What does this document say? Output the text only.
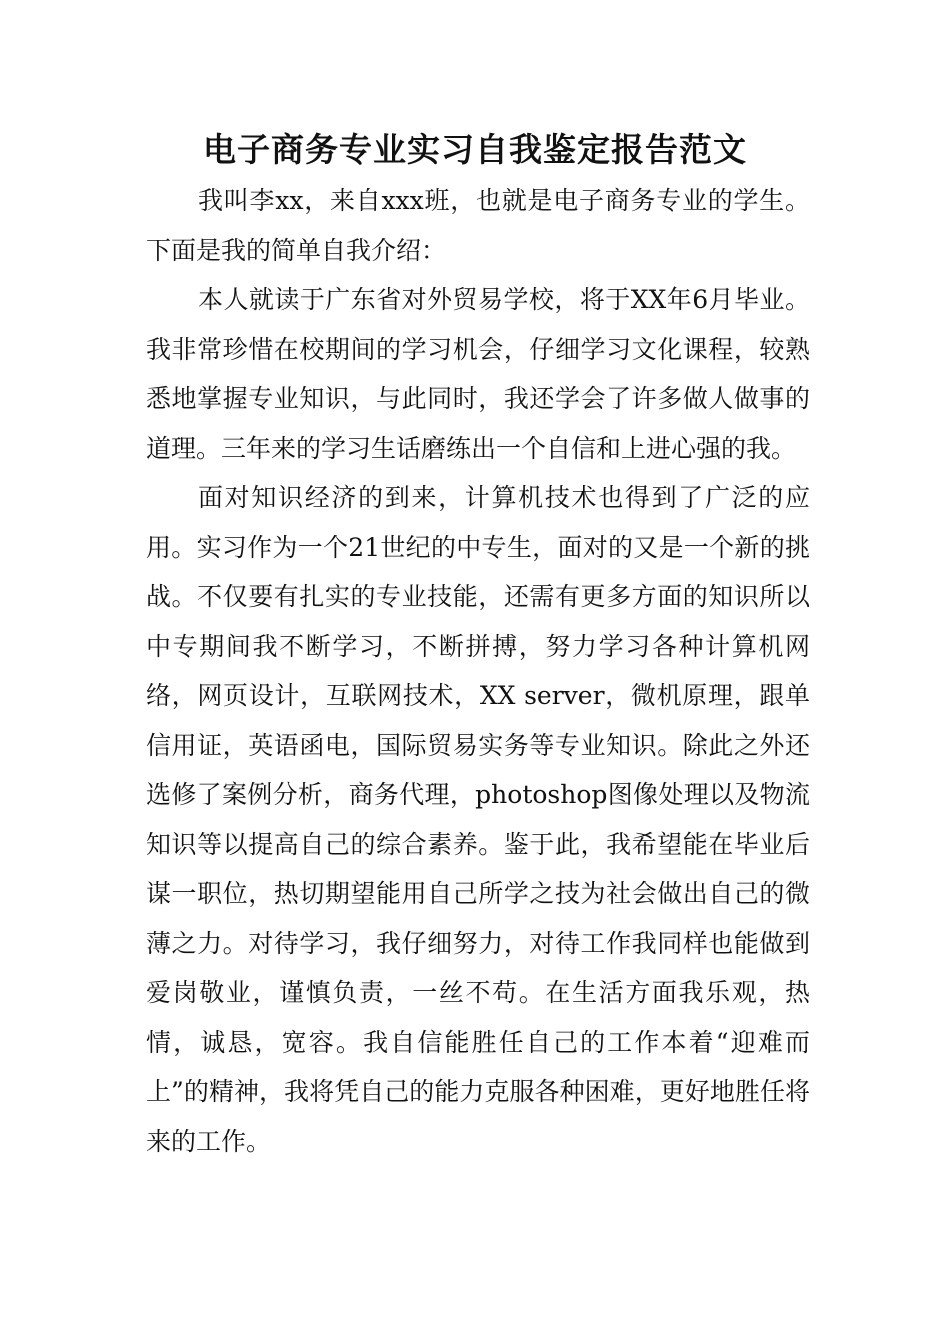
电子商务专业实习自我鉴定报告范文

我叫李xx，来自xxx班，也就是电子商务专业的学生。下面是我的简单自我介绍：

本人就读于广东省对外贸易学校，将于XX年6月毕业。我非常珍惜在校期间的学习机会，仔细学习文化课程，较熟悉地掌握专业知识，与此同时，我还学会了许多做人做事的道理。三年来的学习生话磨练出一个自信和上进心强的我。

面对知识经济的到来，计算机技术也得到了广泛的应用。实习作为一个21世纪的中专生，面对的又是一个新的挑战。不仅要有扎实的专业技能，还需有更多方面的知识所以中专期间我不断学习，不断拼搏，努力学习各种计算机网络，网页设计，互联网技术，XX server，微机原理，跟单信用证，英语函电，国际贸易实务等专业知识。除此之外还选修了案例分析，商务代理，photoshop图像处理以及物流知识等以提高自己的综合素养。鉴于此，我希望能在毕业后谋一职位，热切期望能用自己所学之技为社会做出自己的微薄之力。对待学习，我仔细努力，对待工作我同样也能做到爱岗敬业，谨慎负责，一丝不苟。在生活方面我乐观，热情，诚恳，宽容。我自信能胜任自己的工作本着“迎难而上”的精神，我将凭自己的能力克服各种困难，更好地胜任将来的工作。
